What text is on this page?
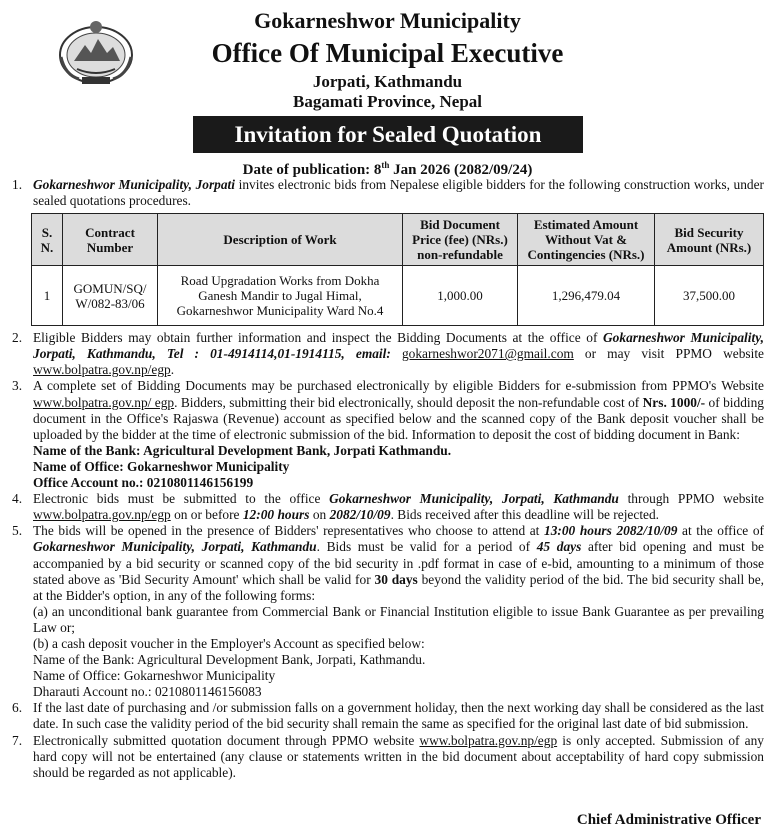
Gokarneshwor Municipality
Office Of Municipal Executive
Jorpati, Kathmandu
Bagamati Province, Nepal
Invitation for Sealed Quotation
Date of publication: 8th Jan 2026 (2082/09/24)

1. Gokarneshwor Municipality, Jorpati invites electronic bids from Nepalese eligible bidders for the following construction works, under sealed quotations procedures.

S. N.	Contract Number	Description of Work	Bid Document Price (fee) (NRs.) non-refundable	Estimated Amount Without Vat & Contingencies (NRs.)	Bid Security Amount (NRs.)
1	GOMUN/SQ/ W/082-83/06	Road Upgradation Works from Dokha Ganesh Mandir to Jugal Himal, Gokarneshwor Municipality Ward No.4	1,000.00	1,296,479.04	37,500.00

2. Eligible Bidders may obtain further information and inspect the Bidding Documents at the office of Gokarneshwor Municipality, Jorpati, Kathmandu, Tel : 01-4914114,01-1914115, email: gokarneshwor2071@gmail.com or may visit PPMO website www.bolpatra.gov.np/egp.

3. A complete set of Bidding Documents may be purchased electronically by eligible Bidders for e-submission from PPMO's Website www.bolpatra.gov.np/ egp. Bidders, submitting their bid electronically, should deposit the non-refundable cost of Nrs. 1000/- of bidding document in the Office's Rajaswa (Revenue) account as specified below and the scanned copy of the Bank deposit voucher shall be uploaded by the bidder at the time of electronic submission of the bid. Information to deposit the cost of bidding document in Bank:
Name of the Bank: Agricultural Development Bank, Jorpati Kathmandu.
Name of Office: Gokarneshwor Municipality
Office Account no.: 0210801146156199

4. Electronic bids must be submitted to the office Gokarneshwor Municipality, Jorpati, Kathmandu through PPMO website www.bolpatra.gov.np/egp on or before 12:00 hours on 2082/10/09. Bids received after this deadline will be rejected.

5. The bids will be opened in the presence of Bidders' representatives who choose to attend at 13:00 hours 2082/10/09 at the office of Gokarneshwor Municipality, Jorpati, Kathmandu. Bids must be valid for a period of 45 days after bid opening and must be accompanied by a bid security or scanned copy of the bid security in .pdf format in case of e-bid, amounting to a minimum of those stated above as 'Bid Security Amount' which shall be valid for 30 days beyond the validity period of the bid. The bid security shall be, at the Bidder's option, in any of the following forms:
(a) an unconditional bank guarantee from Commercial Bank or Financial Institution eligible to issue Bank Guarantee as per prevailing Law or;
(b) a cash deposit voucher in the Employer's Account as specified below:
Name of the Bank: Agricultural Development Bank, Jorpati, Kathmandu.
Name of Office: Gokarneshwor Municipality
Dharauti Account no.: 0210801146156083

6. If the last date of purchasing and /or submission falls on a government holiday, then the next working day shall be considered as the last date. In such case the validity period of the bid security shall remain the same as specified for the original last date of bid submission.

7. Electronically submitted quotation document through PPMO website www.bolpatra.gov.np/egp is only accepted. Submission of any hard copy will not be entertained (any clause or statements written in the bid document about acceptability of hard copy submission should be regarded as not applicable).

Chief Administrative Officer
